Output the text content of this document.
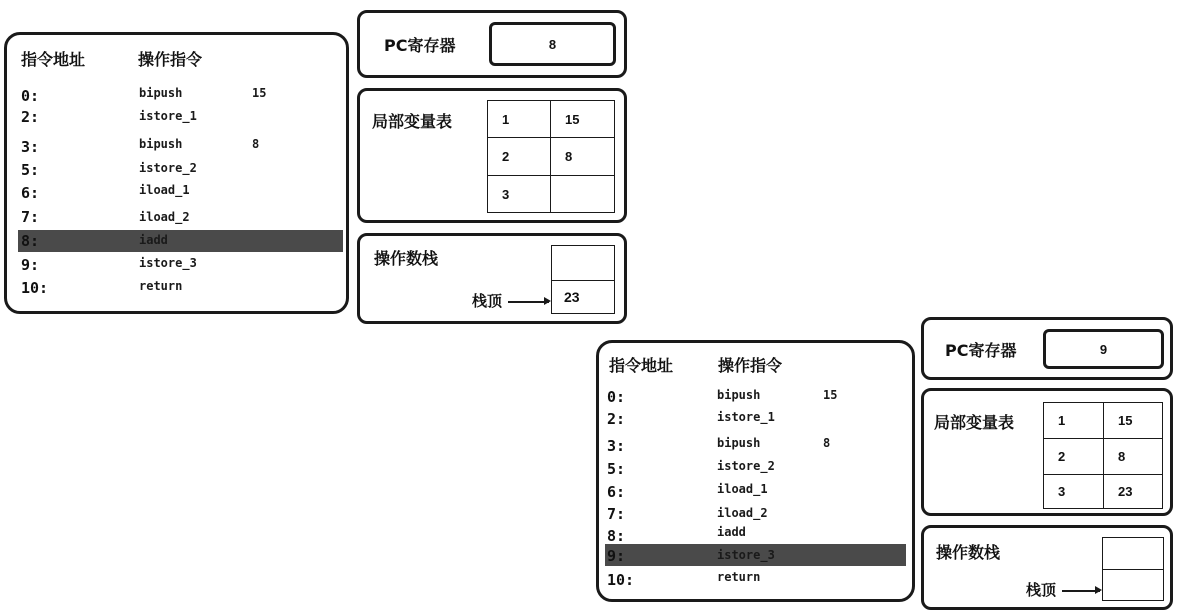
指令地址	操作指令
0:	bipush	15
2:	istore_1
3:	bipush	8
5:	istore_2
6:	iload_1
7:	iload_2
8:	iadd
9:	istore_3
10:	return
PC寄存器	8
局部变量表	1	15
2	8
3	
操作数栈
23
栈顶
指令地址	操作指令
0:	bipush	15
2:	istore_1
3:	bipush	8
5:	istore_2
6:	iload_1
7:	iload_2
8:	iadd
9:	istore_3
10:	return
PC寄存器	9
局部变量表	1	15
2	8
3	23
操作数栈
栈顶
